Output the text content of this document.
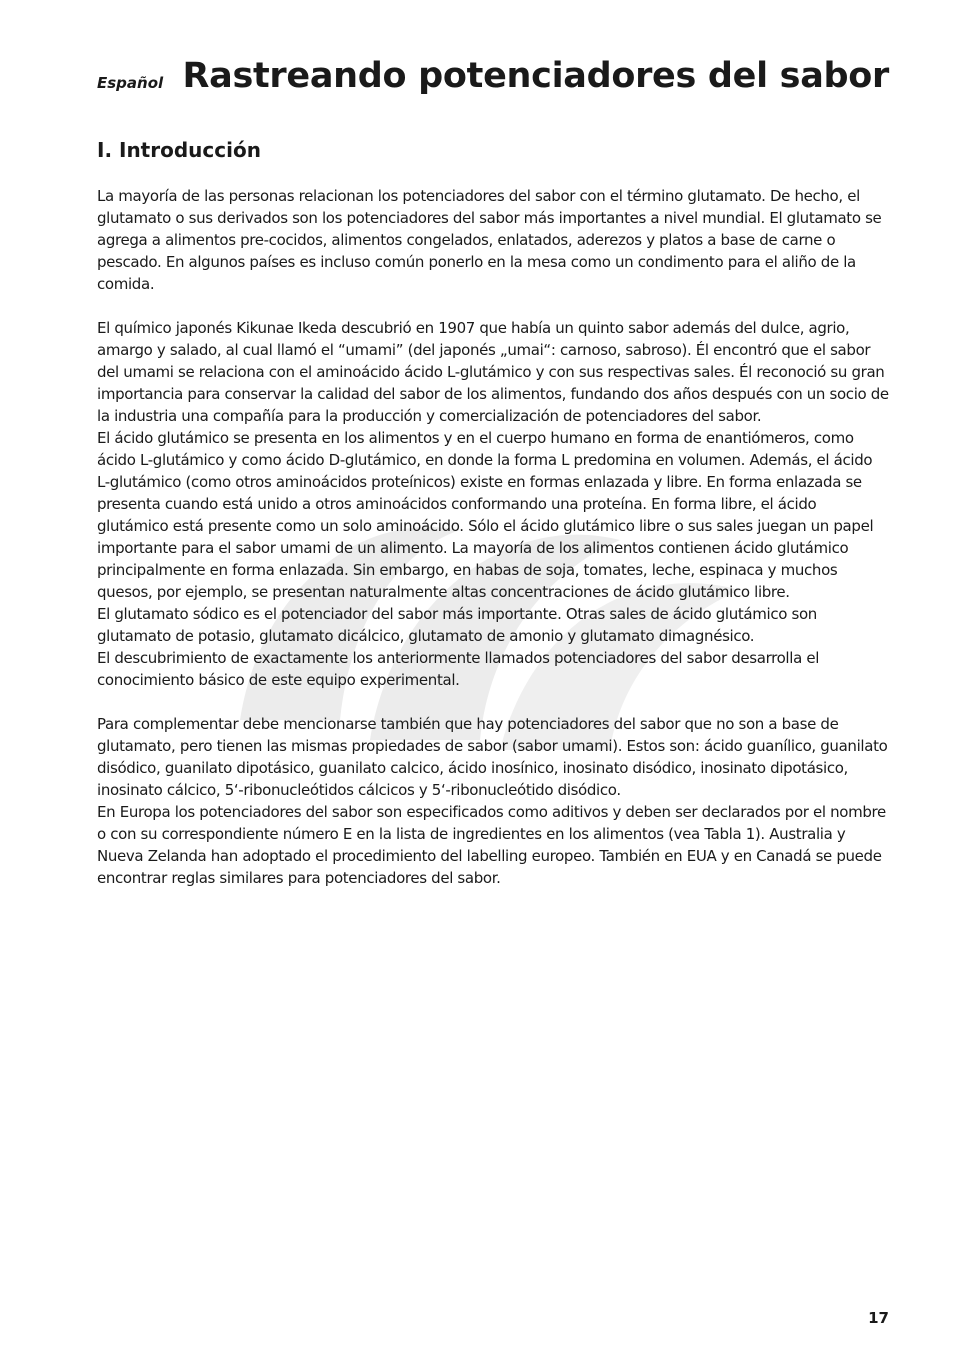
Español Rastreando potenciadores del sabor
I. Introducción

La mayoría de las personas relacionan los potenciadores del sabor con el término glutamato. De hecho, el glutamato o sus derivados son los potenciadores del sabor más importantes a nivel mundial. El glutamato se agrega a alimentos pre-cocidos, alimentos congelados, enlatados, aderezos y platos a base de carne o pescado. En algunos países es incluso común ponerlo en la mesa como un condimento para el aliño de la comida.

El químico japonés Kikunae Ikeda descubrió en 1907 que había un quinto sabor además del dulce, agrio, amargo y salado, al cual llamó el “umami” (del japonés „umai“: carnoso, sabroso). Él encontró que el sabor del umami se relaciona con el aminoácido ácido L-glutámico y con sus respectivas sales. Él reconoció su gran importancia para conservar la calidad del sabor de los alimentos, fundando dos años después con un socio de la industria una compañía para la producción y comercialización de potenciadores del sabor.

El ácido glutámico se presenta en los alimentos y en el cuerpo humano en forma de enantiómeros, como ácido L-glutámico y como ácido D-glutámico, en donde la forma L predomina en volumen. Además, el ácido L-glutámico (como otros aminoácidos proteínicos) existe en formas enlazada y libre. En forma enlazada se presenta cuando está unido a otros aminoácidos conformando una proteína. En forma libre, el ácido glutámico está presente como un solo aminoácido. Sólo el ácido glutámico libre o sus sales juegan un papel importante para el sabor umami de un alimento. La mayoría de los alimentos contienen ácido glutámico principalmente en forma enlazada. Sin embargo, en habas de soja, tomates, leche, espinaca y muchos quesos, por ejemplo, se presentan naturalmente altas concentraciones de ácido glutámico libre.

El glutamato sódico es el potenciador del sabor más importante. Otras sales de ácido glutámico son glutamato de potasio, glutamato dicálcico, glutamato de amonio y glutamato dimagnésico.

El descubrimiento de exactamente los anteriormente llamados potenciadores del sabor desarrolla el conocimiento básico de este equipo experimental.

Para complementar debe mencionarse también que hay potenciadores del sabor que no son a base de glutamato, pero tienen las mismas propiedades de sabor (sabor umami). Estos son: ácido guanílico, guanilato disódico, guanilato dipotásico, guanilato calcico, ácido inosínico, inosinato disódico, inosinato dipotásico, inosinato cálcico, 5‘-ribonucleótidos cálcicos y 5‘-ribonucleótido disódico.

En Europa los potenciadores del sabor son especificados como aditivos y deben ser declarados por el nombre o con su correspondiente número E en la lista de ingredientes en los alimentos (vea Tabla 1). Australia y Nueva Zelanda han adoptado el procedimiento del labelling europeo. También en EUA y en Canadá se puede encontrar reglas similares para potenciadores del sabor.

17
